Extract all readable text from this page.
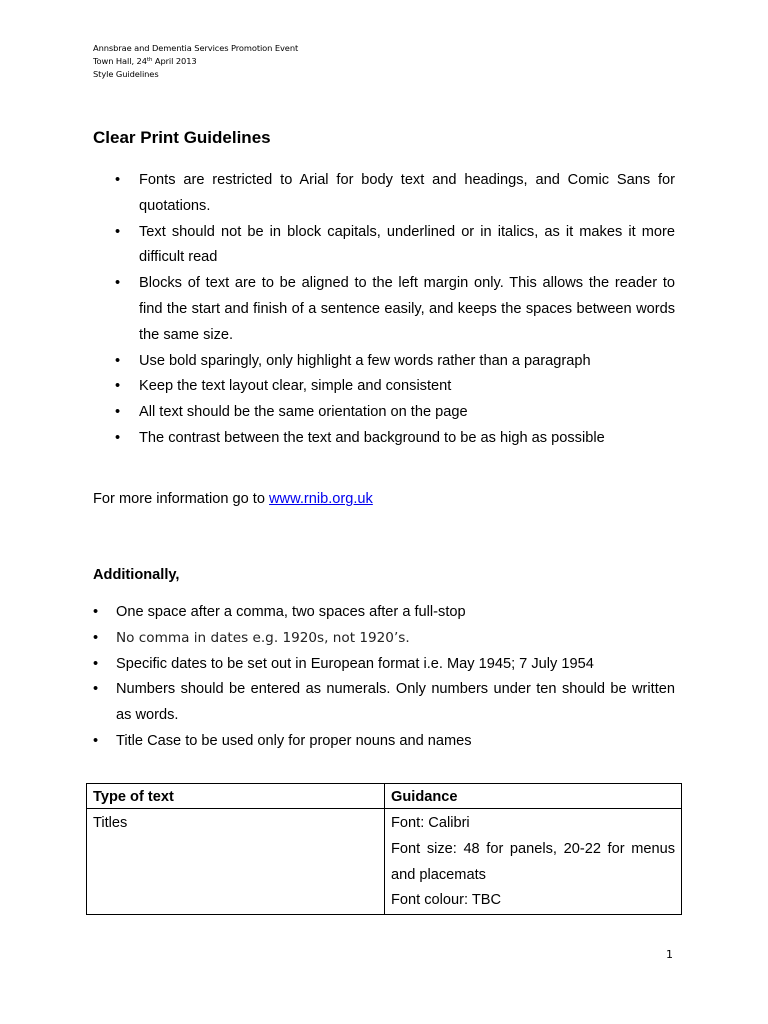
Annsbrae and Dementia Services Promotion Event
Town Hall, 24th April 2013
Style Guidelines
Clear Print Guidelines
• Fonts are restricted to Arial for body text and headings, and Comic Sans for quotations.
• Text should not be in block capitals, underlined or in italics, as it makes it more difficult read
• Blocks of text are to be aligned to the left margin only. This allows the reader to find the start and finish of a sentence easily, and keeps the spaces between words the same size.
• Use bold sparingly, only highlight a few words rather than a paragraph
• Keep the text layout clear, simple and consistent
• All text should be the same orientation on the page
• The contrast between the text and background to be as high as possible
For more information go to www.rnib.org.uk
Additionally,
• One space after a comma, two spaces after a full-stop
• No comma in dates e.g. 1920s, not 1920’s.
• Specific dates to be set out in European format i.e. May 1945; 7 July 1954
• Numbers should be entered as numerals. Only numbers under ten should be written as words.
• Title Case to be used only for proper nouns and names
Type of text	Guidance
Titles	Font: Calibri
Font size: 48 for panels, 20-22 for menus and placemats
Font colour: TBC
1
